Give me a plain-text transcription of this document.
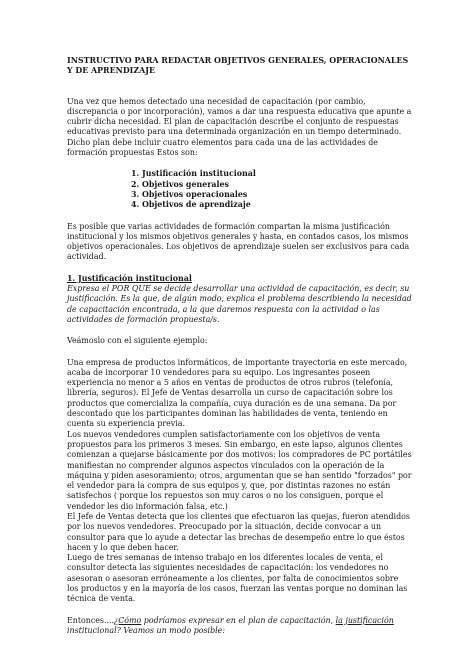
INSTRUCTIVO PARA REDACTAR OBJETIVOS GENERALES, OPERACIONALES Y DE APRENDIZAJE

Una vez que hemos detectado una necesidad de capacitación (por cambio, discrepancia o por incorporación), vamos a dar una respuesta educativa que apunte a cubrir dicha necesidad. El plan de capacitación describe el conjunto de respuestas educativas previsto para una determinada organización en un tiempo determinado. Dicho plan debe incluir cuatro elementos para cada una de las actividades de formación propuestas Estos son:

1. Justificación institucional
2. Objetivos generales
3. Objetivos operacionales
4. Objetivos de aprendizaje

Es posible que varias actividades de formación compartan la misma justificación institucional y los mismos objetivos generales y hasta, en contados casos, los mismos objetivos operacionales. Los objetivos de aprendizaje suelen ser exclusivos para cada actividad.

1. Justificación institucional

Expresa el POR QUE se decide desarrollar una actividad de capacitación, es decir, su justificación. Es la que, de algún modo, explica el problema describiendo la necesidad de capacitación encontrada, a la que daremos respuesta con la actividad o las actividades de formación propuesta/s.

Veámoslo con el siguiente ejemplo:

Una empresa de productos informáticos, de importante trayectoria en este mercado, acaba de incorporar 10 vendedores para su equipo. Los ingresantes poseen experiencia no menor a 5 años en ventas de productos de otros rubros (telefonía, librería, seguros). El Jefe de Ventas desarrolla un curso de capacitación sobre los productos que comercializa la compañía, cuya duración es de una semana. Da por descontado que los participantes dominan las habilidades de venta, teniendo en cuenta su experiencia previa.

Los nuevos vendedores cumplen satisfactoriamente con los objetivos de venta propuestos para los primeros 3 meses. Sin embargo, en este lapso, algunos clientes comienzan a quejarse básicamente por dos motivos: los compradores de PC portátiles manifiestan no comprender algunos aspectos vinculados con la operación de la máquina y piden asesoramiento; otros, argumentan que se han sentido "forzados" por el vendedor para la compra de sus equipos y, que, por distintas razones no están satisfechos ( porque los repuestos son muy caros o no los consiguen, porque el vendedor les dio información falsa, etc.)

El Jefe de Ventas detecta que los clientes que efectuaron las quejas, fueron atendidos por los nuevos vendedores. Preocupado por la situación, decide convocar a un consultor para que lo ayude a detectar las brechas de desempeño entre lo que éstos hacen y lo que deben hacer.

Luego de tres semanas de intenso trabajo en los diferentes locales de venta, el consultor detecta las siguientes necesidades de capacitación: los vendedores no asesoran o asesoran erróneamente a los clientes, por falta de conocimientos sobre los productos y en la mayoría de los casos, fuerzan las ventas porque no dominan las técnica de venta.

Entonces....¿Cómo podríamos expresar en el plan de capacitación, la justificación institucional? Veamos un modo posible:
